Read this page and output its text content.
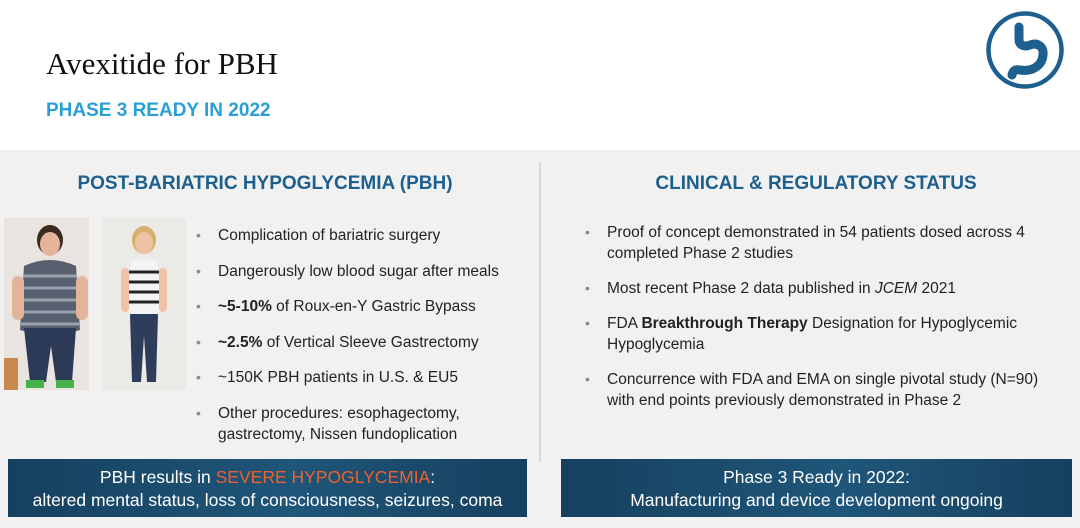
Avexitide for PBH
PHASE 3 READY IN 2022
POST-BARIATRIC HYPOGLYCEMIA (PBH)
• Complication of bariatric surgery
• Dangerously low blood sugar after meals
• ~5-10% of Roux-en-Y Gastric Bypass
• ~2.5% of Vertical Sleeve Gastrectomy
• ~150K PBH patients in U.S. & EU5
• Other procedures: esophagectomy, gastrectomy, Nissen fundoplication
PBH results in SEVERE HYPOGLYCEMIA:
altered mental status, loss of consciousness, seizures, coma
CLINICAL & REGULATORY STATUS
• Proof of concept demonstrated in 54 patients dosed across 4 completed Phase 2 studies
• Most recent Phase 2 data published in JCEM 2021
• FDA Breakthrough Therapy Designation for Hypoglycemic Hypoglycemia
• Concurrence with FDA and EMA on single pivotal study (N=90) with end points previously demonstrated in Phase 2
Phase 3 Ready in 2022:
Manufacturing and device development ongoing
